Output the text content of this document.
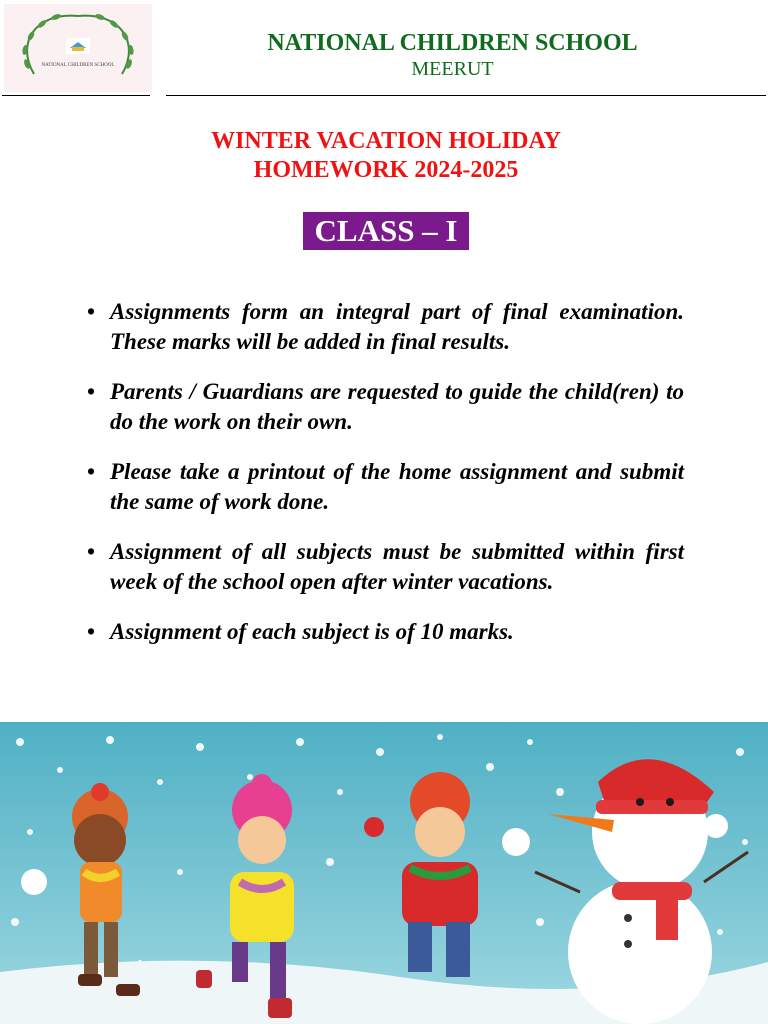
NATIONAL CHILDREN SCHOOL
NATIONAL CHILDREN SCHOOL
MEERUT
WINTER VACATION HOLIDAY
HOMEWORK 2024-2025
CLASS – I
• Assignments form an integral part of final examination. These marks will be added in final results.
• Parents / Guardians are requested to guide the child(ren) to do the work on their own.
• Please take a printout of the home assignment and submit the same of work done.
• Assignment of all subjects must be submitted within first week of the school open after winter vacations.
• Assignment of each subject is of 10 marks.
